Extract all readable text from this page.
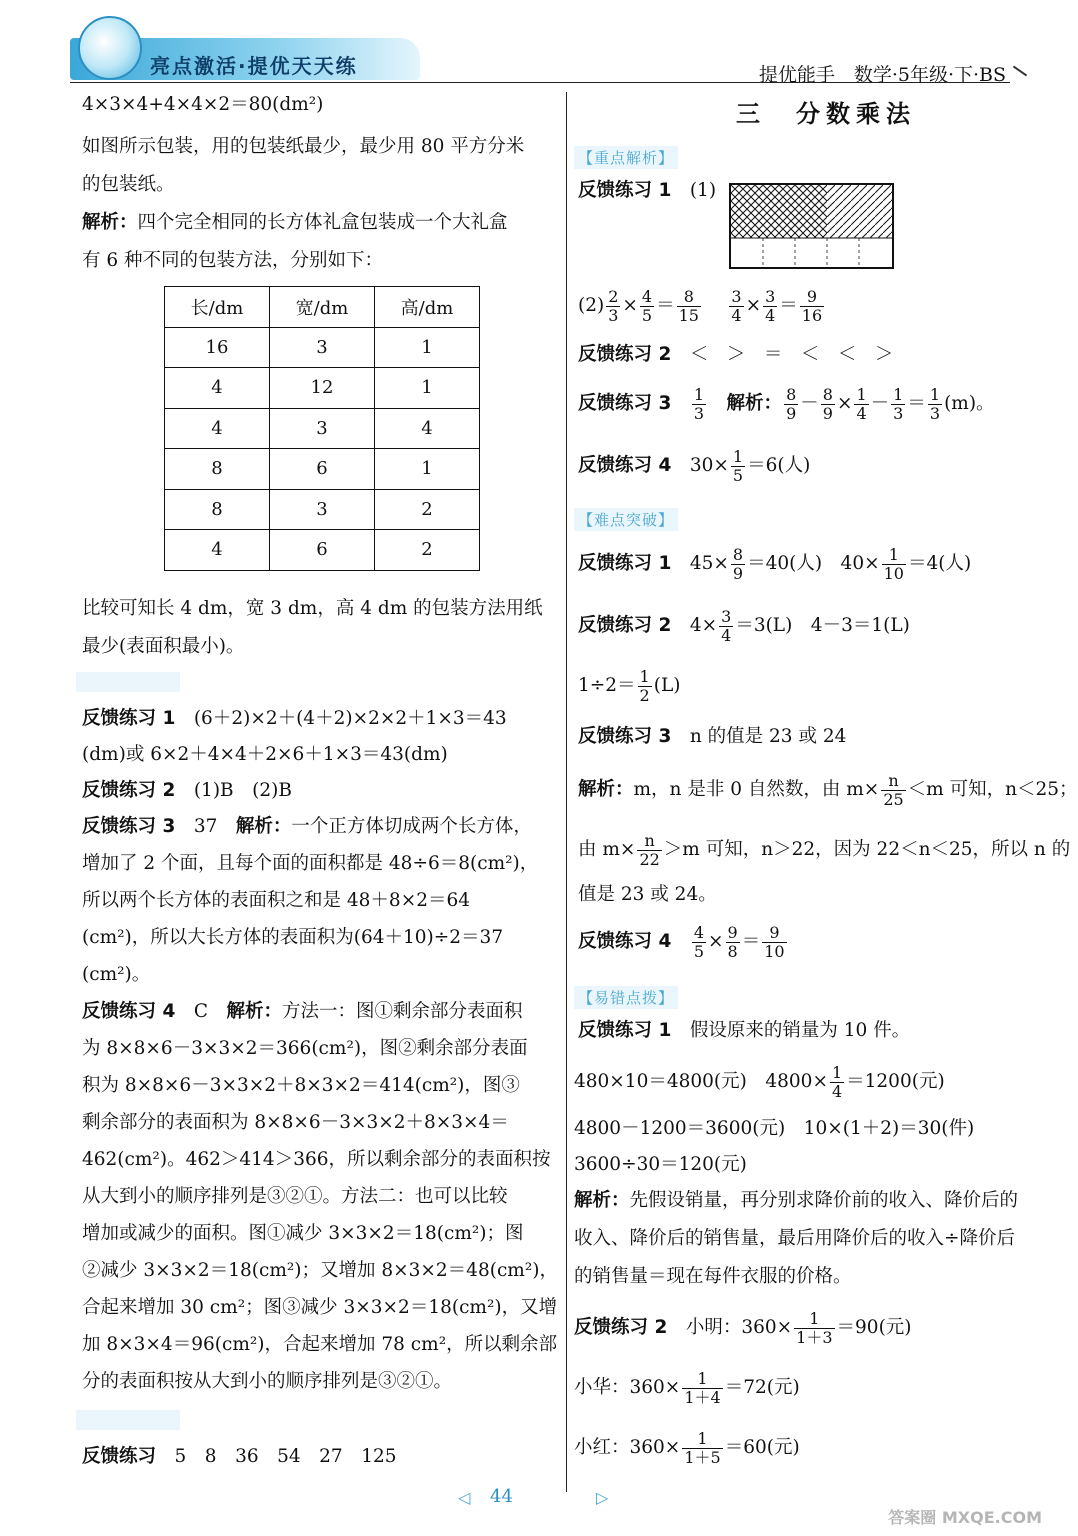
亮点激活·提优天天练	提优能手　数学·5年级·下·BS
4×3×4+4×4×2＝80(dm²)
如图所示包装，用的包装纸最少，最少用 80 平方分米
的包装纸。
解析：四个完全相同的长方体礼盒包装成一个大礼盒
有 6 种不同的包装方法，分别如下：
长/dm	宽/dm	高/dm
16	3	1
4	12	1
4	3	4
8	6	1
8	3	2
4	6	2
比较可知长 4 dm，宽 3 dm，高 4 dm 的包装方法用纸
最少(表面积最小)。
反馈练习 1　 (6＋2)×2＋(4＋2)×2×2＋1×3＝43
(dm)或 6×2＋4×4＋2×6＋1×3＝43(dm)
反馈练习 2　 (1)B　(2)B
反馈练习 3　 37　 解析：一个正方体切成两个长方体，
增加了 2 个面，且每个面的面积都是 48÷6＝8(cm²)，
所以两个长方体的表面积之和是 48＋8×2＝64
(cm²)，所以大长方体的表面积为(64＋10)÷2＝37
(cm²)。
反馈练习 4　 C　 解析：方法一：图①剩余部分表面积
为 8×8×6－3×3×2＝366(cm²)，图②剩余部分表面
积为 8×8×6－3×3×2＋8×3×2＝414(cm²)，图③
剩余部分的表面积为 8×8×6－3×3×2＋8×3×4＝
462(cm²)。462＞414＞366，所以剩余部分的表面积按
从大到小的顺序排列是③②①。方法二：也可以比较
增加或减少的面积。图①减少 3×3×2＝18(cm²)；图
②减少 3×3×2＝18(cm²)；又增加 8×3×2＝48(cm²)，
合起来增加 30 cm²；图③减少 3×3×2＝18(cm²)，又增
加 8×3×4＝96(cm²)，合起来增加 78 cm²，所以剩余部
分的表面积按从大到小的顺序排列是③②①。
反馈练习　 5　8　36　54　27　125
三　分数乘法
【重点解析】
反馈练习 1　 (1)
$(2) \frac{2}{3} \times \frac{4}{5} = \frac{8}{15}$
　 $\frac{3}{4} \times \frac{3}{4} = \frac{9}{16}$
反馈练习 2　 ＜　＞　＝　＜　＜　＞
反馈练习 3　 $\frac{1}{3}$
　 解析： $\frac{8}{9} - \frac{8}{9} \times \frac{1}{4} - \frac{1}{3} = \frac{1}{3} (m)$。
反馈练习 4　 $30\times \frac{1}{5} =6$(人)
【难点突破】
反馈练习 1　 $45\times \frac{8}{9} =40$(人)　$40\times \frac{1}{10} =4$(人)
反馈练习 2　 $4\times \frac{3}{4} =3(L)$　4－3＝1(L)
$1\div 2= \frac{1}{2} (L)$
反馈练习 3　 n 的值是 23 或 24
解析：m，n 是非 0 自然数，由 $m\times \frac{n}{25} <m$ 可知，n＜25；
由 $m\times \frac{n}{22} >m$ 可知，n＞22，因为 22＜n＜25，所以 n 的
值是 23 或 24。
反馈练习 4　 $\frac{4}{5} \times \frac{9}{8} = \frac{9}{10}$
【易错点拨】
反馈练习 1　 假设原来的销量为 10 件。
480×10＝4800(元)　$4800\times \frac{1}{4} =1200$(元)
4800－1200＝3600(元)　10×(1＋2)＝30(件)
3600÷30＝120(元)
解析：先假设销量，再分别求降价前的收入、降价后的
收入、降价后的销售量，最后用降价后的收入÷降价后
的销售量＝现在每件衣服的价格。
反馈练习 2　 小明：$360\times \frac{1}{1+3} =90$(元)
小华：$360\times \frac{1}{1+4} =72$(元)
小红：$360\times \frac{1}{1+5} =60$(元)
◁ 44	▷
答案圈 MXQE.COM
